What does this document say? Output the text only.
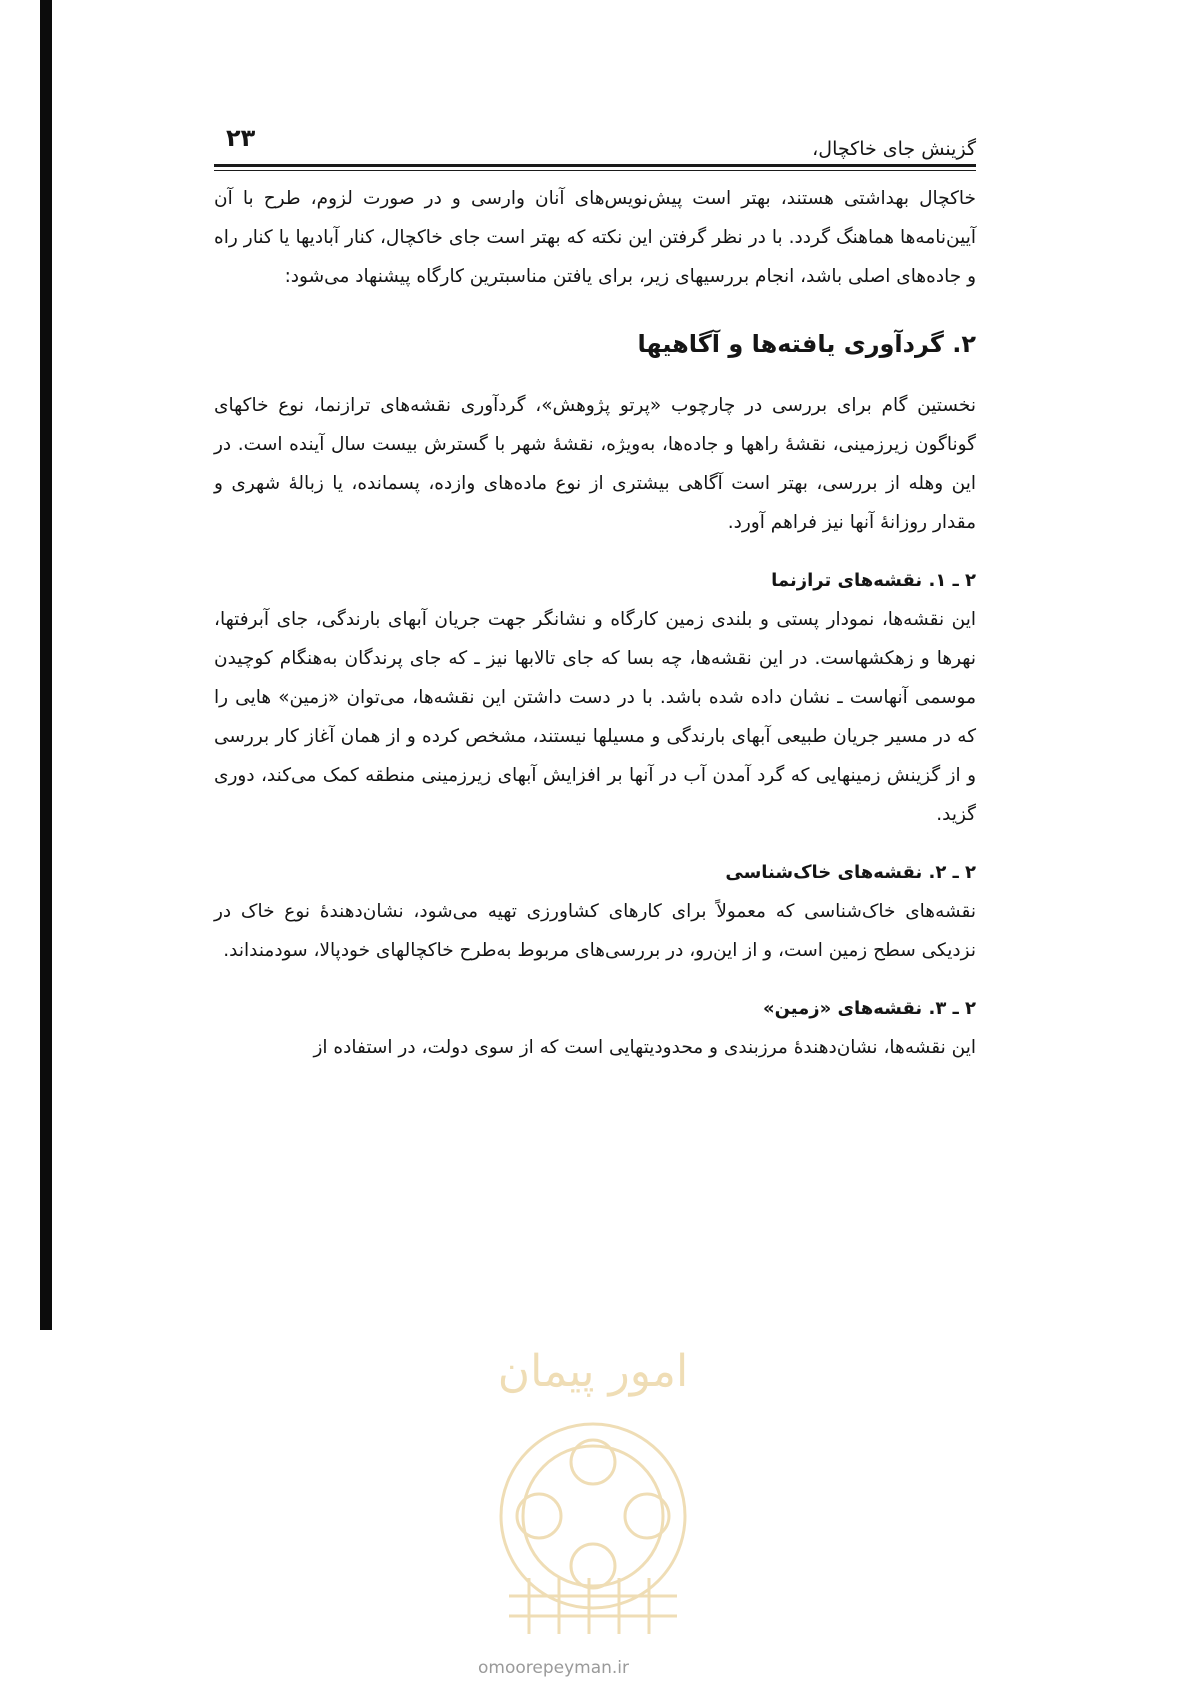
گزینش جای خاکچال،
۲۳

خاکچال بهداشتی هستند، بهتر است پیش‌نویس‌های آنان وارسی و در صورت لزوم، طرح با آن آیین‌نامه‌ها هماهنگ گردد. با در نظر گرفتن این نکته که بهتر است جای خاکچال، کنار آبادیها یا کنار راه و جاده‌های اصلی باشد، انجام بررسیهای زیر، برای یافتن مناسبترین کارگاه پیشنهاد می‌شود:

۲. گردآوری یافته‌ها و آگاهیها

نخستین گام برای بررسی در چارچوب «پرتو پژوهش»، گردآوری نقشه‌های ترازنما، نوع خاکهای گوناگون زیرزمینی، نقشهٔ راهها و جاده‌ها، به‌ویژه، نقشهٔ شهر با گسترش بیست سال آینده است. در این وهله از بررسی، بهتر است آگاهی بیشتری از نوع ماده‌های وازده، پسمانده، یا زبالهٔ شهری و مقدار روزانهٔ آنها نیز فراهم آورد.

۲ ـ ۱. نقشه‌های ترازنما

این نقشه‌ها، نمودار پستی و بلندی زمین کارگاه و نشانگر جهت جریان آبهای بارندگی، جای آبرفتها، نهرها و زهکشهاست. در این نقشه‌ها، چه بسا که جای تالابها نیز ـ که جای پرندگان به‌هنگام کوچیدن موسمی آنهاست ـ نشان داده شده باشد. با در دست داشتن این نقشه‌ها، می‌توان «زمین» هایی را که در مسیر جریان طبیعی آبهای بارندگی و مسیلها نیستند، مشخص کرده و از همان آغاز کار بررسی و از گزینش زمینهایی که گرد آمدن آب در آنها بر افزایش آبهای زیرزمینی منطقه کمک می‌کند، دوری گزید.

۲ ـ ۲. نقشه‌های خاک‌شناسی

نقشه‌های خاک‌شناسی که معمولاً برای کارهای کشاورزی تهیه می‌شود، نشان‌دهندهٔ نوع خاک در نزدیکی سطح زمین است، و از این‌رو، در بررسی‌های مربوط به‌طرح خاکچالهای خودپالا، سودمنداند.

۲ ـ ۳. نقشه‌های «زمین»

این نقشه‌ها، نشان‌دهندهٔ مرزبندی و محدودیتهایی است که از سوی دولت، در استفاده از

امور پیمان
omoorepeyman.ir
